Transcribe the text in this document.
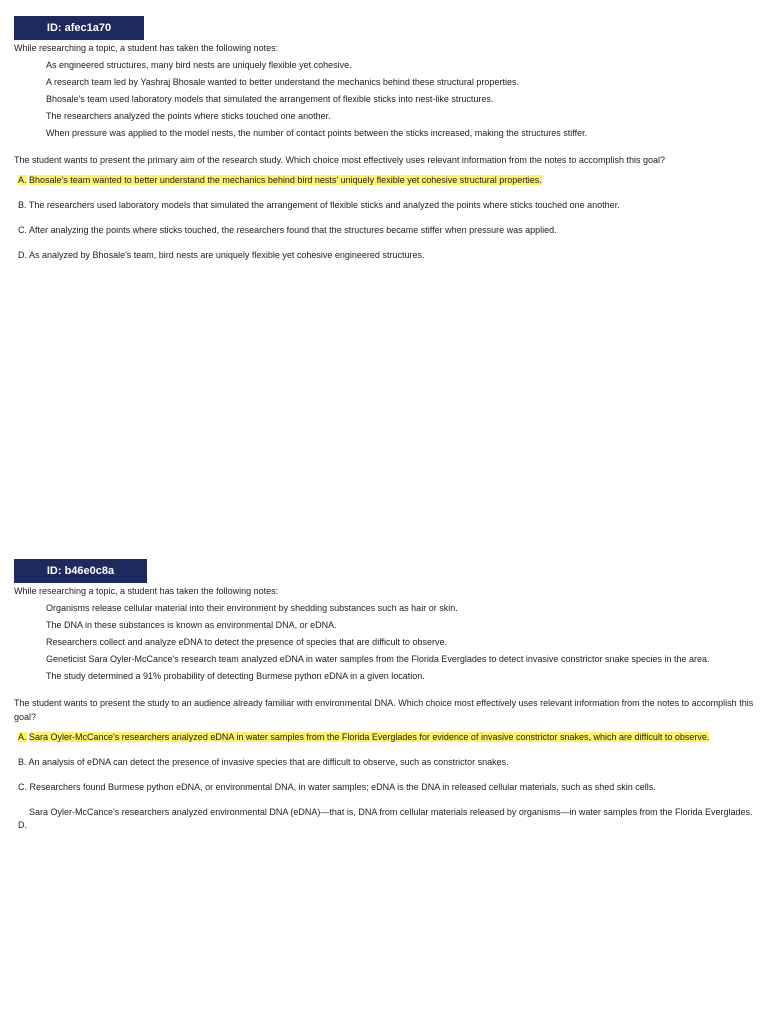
ID: afec1a70

While researching a topic, a student has taken the following notes:

As engineered structures, many bird nests are uniquely flexible yet cohesive.
A research team led by Yashraj Bhosale wanted to better understand the mechanics behind these structural properties.
Bhosale's team used laboratory models that simulated the arrangement of flexible sticks into nest-like structures.
The researchers analyzed the points where sticks touched one another.
When pressure was applied to the model nests, the number of contact points between the sticks increased, making the structures stiffer.

The student wants to present the primary aim of the research study. Which choice most effectively uses relevant information from the notes to accomplish this goal?

A. Bhosale's team wanted to better understand the mechanics behind bird nests' uniquely flexible yet cohesive structural properties.
B. The researchers used laboratory models that simulated the arrangement of flexible sticks and analyzed the points where sticks touched one another.
C. After analyzing the points where sticks touched, the researchers found that the structures became stiffer when pressure was applied.
D. As analyzed by Bhosale's team, bird nests are uniquely flexible yet cohesive engineered structures.
ID: b46e0c8a

While researching a topic, a student has taken the following notes:

Organisms release cellular material into their environment by shedding substances such as hair or skin.
The DNA in these substances is known as environmental DNA, or eDNA.
Researchers collect and analyze eDNA to detect the presence of species that are difficult to observe.
Geneticist Sara Oyler-McCance's research team analyzed eDNA in water samples from the Florida Everglades to detect invasive constrictor snake species in the area.
The study determined a 91% probability of detecting Burmese python eDNA in a given location.

The student wants to present the study to an audience already familiar with environmental DNA. Which choice most effectively uses relevant information from the notes to accomplish this goal?

A. Sara Oyler-McCance's researchers analyzed eDNA in water samples from the Florida Everglades for evidence of invasive constrictor snakes, which are difficult to observe.
B. An analysis of eDNA can detect the presence of invasive species that are difficult to observe, such as constrictor snakes.
C. Researchers found Burmese python eDNA, or environmental DNA, in water samples; eDNA is the DNA in released cellular materials, such as shed skin cells.
D.
Sara Oyler-McCance's researchers analyzed environmental DNA (eDNA)—that is, DNA from cellular materials released by organisms—in water samples from the Florida Everglades.
